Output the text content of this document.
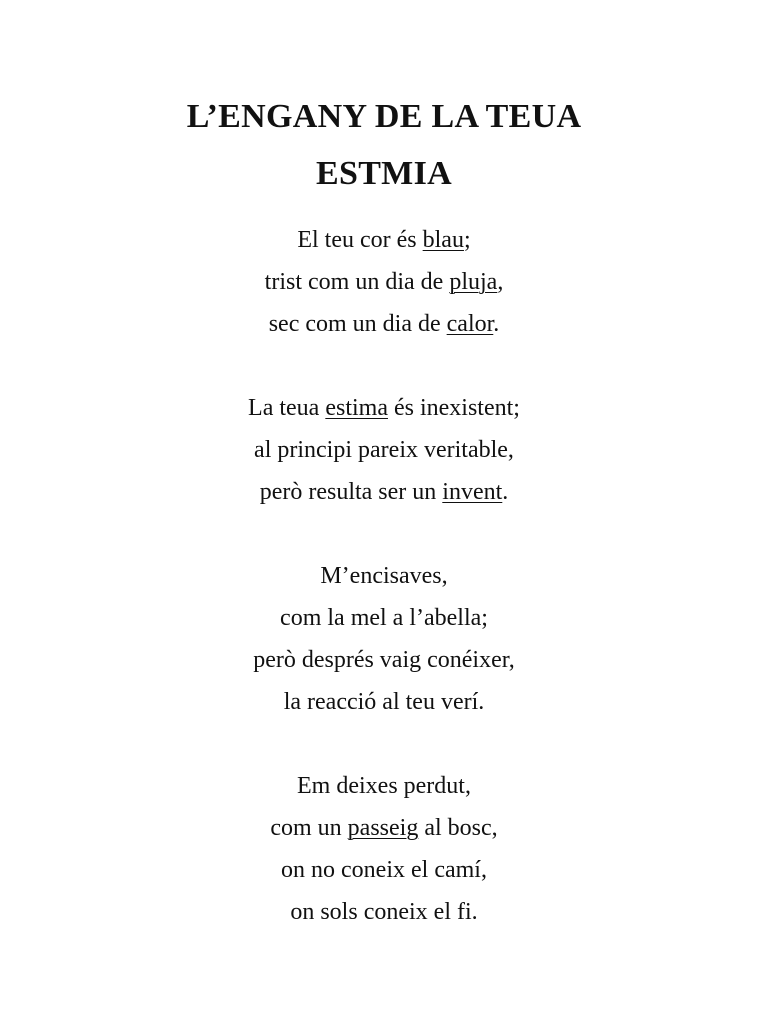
L’ENGANY DE LA TEUA
ESTMIA
El teu cor és blau;
trist com un dia de pluja,
sec com un dia de calor.
La teua estima és inexistent;
al principi pareix veritable,
però resulta ser un invent.
M’encisaves,
com la mel a l’abella;
però després vaig conéixer,
la reacció al teu verí.
Em deixes perdut,
com un passeig al bosc,
on no coneix el camí,
on sols coneix el fi.
